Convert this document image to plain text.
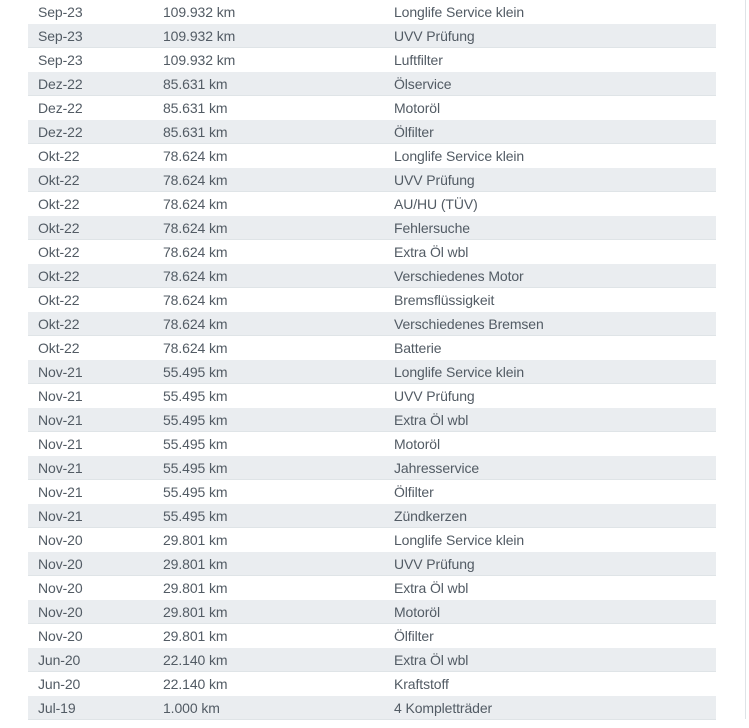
Sep-23	109.932 km	Longlife Service klein
Sep-23	109.932 km	UVV Prüfung
Sep-23	109.932 km	Luftfilter
Dez-22	85.631 km	Ölservice
Dez-22	85.631 km	Motoröl
Dez-22	85.631 km	Ölfilter
Okt-22	78.624 km	Longlife Service klein
Okt-22	78.624 km	UVV Prüfung
Okt-22	78.624 km	AU/HU (TÜV)
Okt-22	78.624 km	Fehlersuche
Okt-22	78.624 km	Extra Öl wbl
Okt-22	78.624 km	Verschiedenes Motor
Okt-22	78.624 km	Bremsflüssigkeit
Okt-22	78.624 km	Verschiedenes Bremsen
Okt-22	78.624 km	Batterie
Nov-21	55.495 km	Longlife Service klein
Nov-21	55.495 km	UVV Prüfung
Nov-21	55.495 km	Extra Öl wbl
Nov-21	55.495 km	Motoröl
Nov-21	55.495 km	Jahresservice
Nov-21	55.495 km	Ölfilter
Nov-21	55.495 km	Zündkerzen
Nov-20	29.801 km	Longlife Service klein
Nov-20	29.801 km	UVV Prüfung
Nov-20	29.801 km	Extra Öl wbl
Nov-20	29.801 km	Motoröl
Nov-20	29.801 km	Ölfilter
Jun-20	22.140 km	Extra Öl wbl
Jun-20	22.140 km	Kraftstoff
Jul-19	1.000 km	4 Kompletträder
